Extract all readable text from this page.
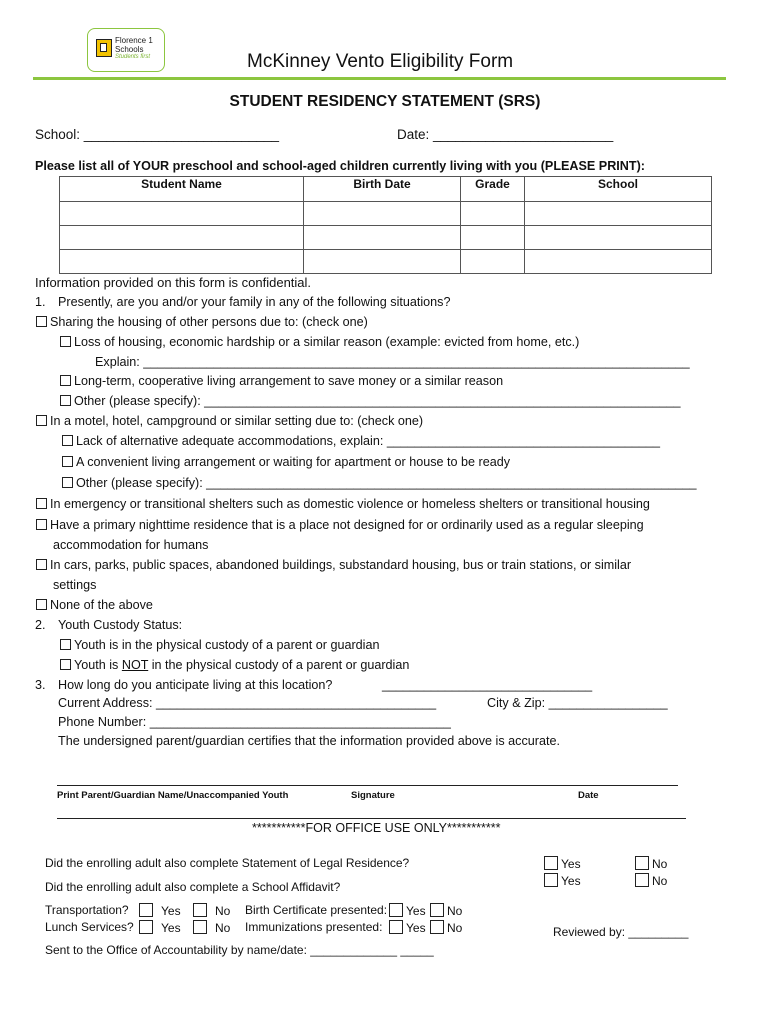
Florence 1
Schools
Students first	McKinney Vento Eligibility Form
STUDENT RESIDENCY STATEMENT (SRS)
School: __________________________	Date: ________________________
Please list all of YOUR preschool and school-aged children currently living with you (PLEASE PRINT):
Student Name	Birth Date	Grade	School

Information provided on this form is confidential.
1. Presently, are you and/or your family in any of the following situations?
Sharing the housing of other persons due to: (check one)
Loss of housing, economic hardship or a similar reason (example: evicted from home, etc.)
Explain: ______________________________________________________________________________
Long-term, cooperative living arrangement to save money or a similar reason
Other (please specify): ____________________________________________________________________
In a motel, hotel, campground or similar setting due to: (check one)
Lack of alternative adequate accommodations, explain: _______________________________________
A convenient living arrangement or waiting for apartment or house to be ready
Other (please specify): ______________________________________________________________________
In emergency or transitional shelters such as domestic violence or homeless shelters or transitional housing
Have a primary nighttime residence that is a place not designed for or ordinarily used as a regular sleeping
accommodation for humans
In cars, parks, public spaces, abandoned buildings, substandard housing, bus or train stations, or similar
settings
None of the above
2. Youth Custody Status:
Youth is in the physical custody of a parent or guardian
Youth is NOT in the physical custody of a parent or guardian
3. How long do you anticipate living at this location?	______________________________
Current Address: ________________________________________	City & Zip: _________________
Phone Number: ___________________________________________
The undersigned parent/guardian certifies that the information provided above is accurate.
Print Parent/Guardian Name/Unaccompanied Youth	Signature	Date
***********FOR OFFICE USE ONLY***********
Did the enrolling adult also complete Statement of Legal Residence?
Did the enrolling adult also complete a School Affidavit?
Yes	No
Yes	No
Transportation?	Yes	No
Lunch Services?	Yes	No
Birth Certificate presented:	Yes	No
Immunizations presented:	Yes	No	Reviewed by: _________
Sent to the Office of Accountability by name/date: _____________ _____
